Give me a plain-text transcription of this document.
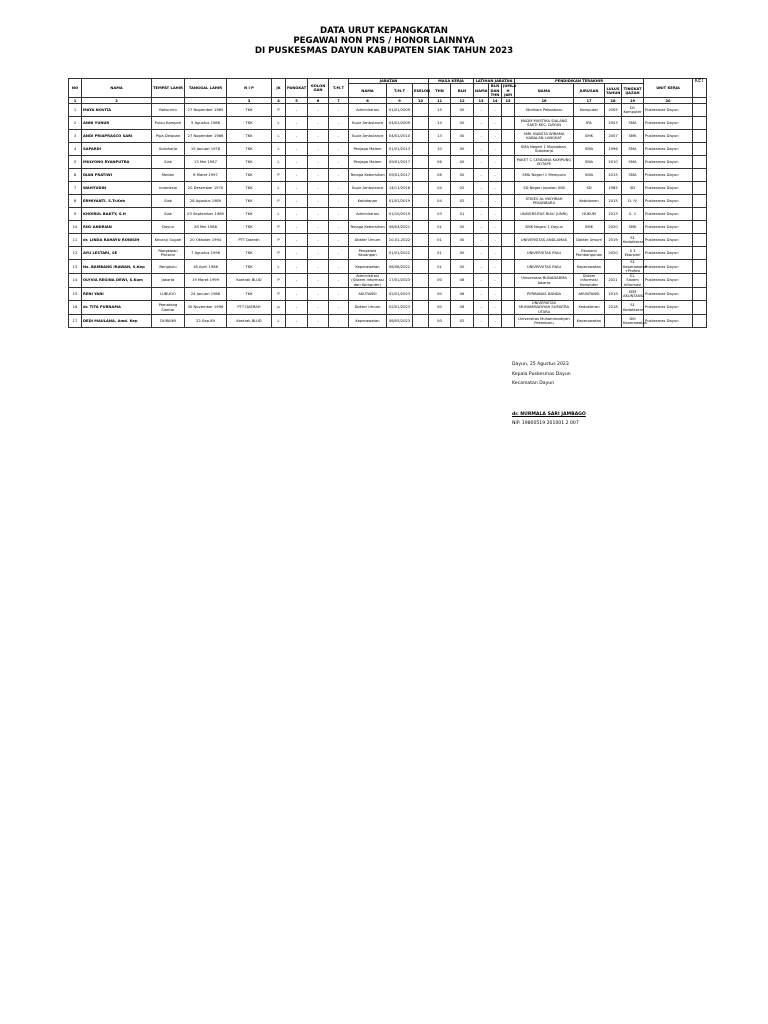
DATA URUT KEPANGKATAN
PEGAWAI NON PNS / HONOR LAINNYA
DI PUSKESMAS DAYUN KABUPATEN SIAK TAHUN 2023
NO	NAMA	TEMPAT LAHIR	TANGGAL LAHIR	N I P	JK	PANGKAT	GOLON GAN	T.M.T	JABATAN			MASA KERJA		LATIHAN JABATAN			PENDIDIKAN TERAKHIR				UNIT KERJA	KET
									NAMA	T.M.T	ESELON	THN	BLN	NAMA	BLN DAN THN	JUMLA H JAM	NAMA	JURUSAN	LULUS TAHUN	TINGKAT IJAZAH		

1	2			3	4	5	6	7	8	9	10	11	12	13	14	15	16	17	18	19	20	
1	MAYA NOVITA	Bekurnim	27 Nopember 1985	TKK	P	-	-	-	Administrasi	01/01/2009		15	00	-	-		Stmikom Pekanbaru	Komputer	2005	D1 Komputer	Puskesmas Dayun	
2	ANNI YUNUR	Pulau Kampari	5 Agustus 1986	TKK	L	-	-	-	Supir Ambulance	04/01/2009		14	00	-	-		MADM MUSTIKA SIALANG SAKTI KEC. DAYUN	IPA	2003	SMA	Puskesmas Dayun	
3	ANDI PRIAPRASCO SARI	Pipa Delapan	27 Nopember 1986	TKK	L	-	-	-	Supir Ambulance	04/01/2010		13	00	-	-		SMK SWASTA WIRAMA KABALAN LANGKAT	SMK	2007	SMK	Puskesmas Dayun	
4	SAPARDI	Sukoharjo	15 Januari 1978	TKK	L	-	-	-	Penjaga Malam	01/01/2013		10	00	-	-		SMA Negeri 1 Mojolaban, Sukoharjo	SMA	1996	SMA	Puskesmas Dayun	
5	MULYONO RYANPUTRA	Siak	13 Mei 1987	TKK	L	-	-	-	Penjaga Malam	09/01/2017		06	00	-	-		PAKET C CENDANA KAMPUNG KOTAPE	SMA	2010	SMA	Puskesmas Dayun	
6	DIAN PRATIWI	Medan	6 Maret 1997	TKK	P	-	-	-	Tenaga Kebersihan	09/01/2017		06	00	-	-		SMA Negeri 1 Mempura	SMA	2015	SMA	Puskesmas Dayun	
7	WAHYUDIN	Indonesia	20 Desember 1970	TKK	L	-	-	-	Supir Ambulance	14/11/2016		04	02	-	-		SD Negeri Jepalan 008	SD	1985	SD	Puskesmas Dayun	
8	ERMIYANTI, S.Tr.Keb	Siak	28 Agustus 1989	TKK	P	-	-	-	Kebidanan	01/01/2019		04	02	-	-		STIKES AL INSYIRAH PEKANBARU	Kebidanan	2015	D. IV	Puskesmas Dayun	
9	KHOIRUL BAKTY, S.H	Siak	03 September 1989	TKK	L	-	-	-	Administrasi	01/10/2019		03	01	-	-		UNIVERSITAS RIAU (UNRI)	HUKUM	2013	S. 1	Puskesmas Dayun	
10	RIKI ANDRIAN	Dayun	28 Mei 1988	TKK	P	-	-	-	Tenaga Kebersihan	06/04/2021		01	00	-	-		SMK Negeri 1 Dayun	SMK	2020	SMK	Puskesmas Dayun	
11	dr. LINDA RAHAYU RONISIH	Kecanji Gugah	20 Oktober 1994	PTT Daerah	P	-	-	-	Dokter Umum	10-01-2022		01	00	-	-		UNIVERSITAS ANDLAMAS	Dokter Umum	2019	S1 Kedokteran	Puskesmas Dayun	
12	AYU LESTARI, SE	Rangkalan Pintorar	7 Agustus 1996	TKK	P	-	-	-	Pengelola Keuangan	01/01/2022		01	00	-	-		UNIVERSITAS RIAU	Ekonomi Pembangunan	2020	S 1 Ekonomi	Puskesmas Dayun	
13	Ns. BAMBANG IRAWAN, S.Kep	Bengkulu	18 April 1986	TKK	L	-	-	-	Keperawatan	06/06/2022		01	00	-	-		UNIVERSITAS RIAU	Keperawatan		S1 Keperawatan +Profesi	Puskesmas Dayun	
14	OLYVIA REGINA DEWI, S.Kom	Jakarta	19 Maret 1999	Kontrak BLUD	P	-	-	-	Administrasi (Sistem Informasi dan Komputer)	17/01/2023		00	08	-	-		Universitas BUNADARMA Jakarta	Sistem Informasi Komputer	2021	S1. Sistem Informasi	Puskesmas Dayun	
15	RENI YANI	LUBUGO	24 Januari 1988	TKK	P	-	-	-	AKUTANSI	02/01/2023		00	06	-	-		PERBANAS BANDA	AKUNTANSI	2019	SEM AKUNTANSI	Puskesmas Dayun	
16	dr. TITA PURNAMA	Pematang Siantar	30 November 1996	PTT DAERAH	p	-	-	-	Dokter Umum	02/01/2023		00	06	-	-		UNIVERSITAS MUHAMMADIYAH SUMATRA UTARA	Kedokteran	2018	S1 Kedokteran	Puskesmas Dayun	
17	DEDI MAULANA, Amd. Kep	DURAIMI	22-Sep-89	Kontrak BLUD	L	-	-	-	Keperawatan	08/05/2023		00	02	-	-		Universitas Muhammadiyah Pekanbaru	Keperawatan		DIII Keperawatan	Puskesmas Dayun	
Dayun, 25 Agustus 2023
Kepala Puskesmas Dayun
Kecamatan Dayun
dr. NURMALA SARI JAMBAGO
NIP. 19800519 201001 2 007
